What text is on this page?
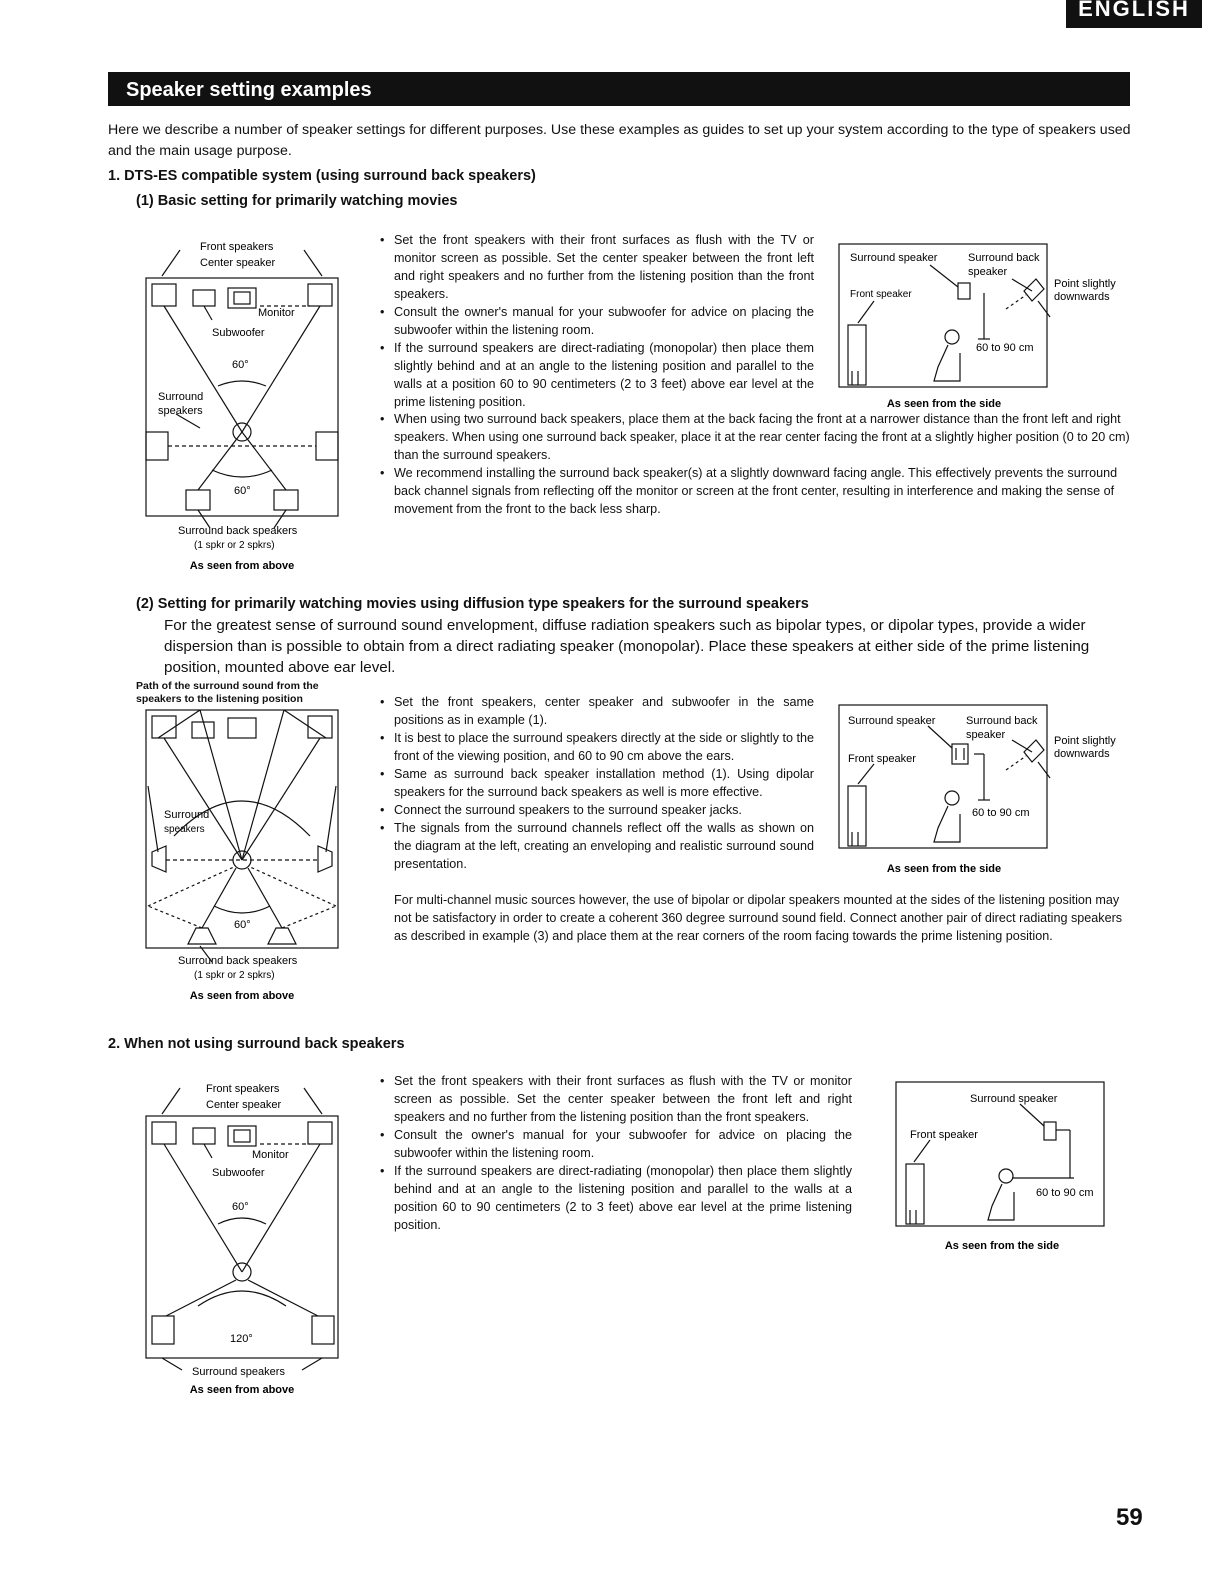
ENGLISH
Speaker setting examples
Here we describe a number of speaker settings for different purposes. Use these examples as guides to set up your system according to the type of speakers used and the main usage purpose.
1. DTS-ES compatible system (using surround back speakers)
(1) Basic setting for primarily watching movies
Front speakers
Center speaker
Monitor
Subwoofer
60°
Surround
speakers
60°
Surround back speakers
(1 spkr or 2 spkrs)
As seen from above
• Set the front speakers with their front surfaces as flush with the TV or monitor screen as possible. Set the center speaker between the front left and right speakers and no further from the listening position than the front speakers.
• Consult the owner's manual for your subwoofer for advice on placing the subwoofer within the listening room.
• If the surround speakers are direct-radiating (monopolar) then place them slightly behind and at an angle to the listening position and parallel to the walls at a position 60 to 90 centimeters (2 to 3 feet) above ear level at the prime listening position.
• When using two surround back speakers, place them at the back facing the front at a narrower distance than the front left and right speakers. When using one surround back speaker, place it at the rear center facing the front at a slightly higher position (0 to 20 cm) than the surround speakers.
• We recommend installing the surround back speaker(s) at a slightly downward facing angle. This effectively prevents the surround back channel signals from reflecting off the monitor or screen at the front center, resulting in interference and making the sense of movement from the front to the back less sharp.
Surround speaker	Surround back
speaker
Front speaker
Point slightly
downwards
60 to 90 cm
As seen from the side
(2) Setting for primarily watching movies using diffusion type speakers for the surround speakers
For the greatest sense of surround sound envelopment, diffuse radiation speakers such as bipolar types, or dipolar types, provide a wider dispersion than is possible to obtain from a direct radiating speaker (monopolar). Place these speakers at either side of the prime listening position, mounted above ear level.
Path of the surround sound from the
speakers to the listening position
Surround
speakers
60°
Surround back speakers
(1 spkr or 2 spkrs)
As seen from above
• Set the front speakers, center speaker and subwoofer in the same positions as in example (1).
• It is best to place the surround speakers directly at the side or slightly to the front of the viewing position, and 60 to 90 cm above the ears.
• Same as surround back speaker installation method (1). Using dipolar speakers for the surround back speakers as well is more effective.
• Connect the surround speakers to the surround speaker jacks.
• The signals from the surround channels reflect off the walls as shown on the diagram at the left, creating an enveloping and realistic surround sound presentation.
For multi-channel music sources however, the use of bipolar or dipolar speakers mounted at the sides of the listening position may not be satisfactory in order to create a coherent 360 degree surround sound field. Connect another pair of direct radiating speakers as described in example (3) and place them at the rear corners of the room facing towards the prime listening position.
Surround speaker	Surround back
speaker
Front speaker
Point slightly
downwards
60 to 90 cm
As seen from the side
2. When not using surround back speakers
Front speakers
Center speaker
Monitor
Subwoofer
60°
120°
Surround speakers
As seen from above
• Set the front speakers with their front surfaces as flush with the TV or monitor screen as possible. Set the center speaker between the front left and right speakers and no further from the listening position than the front speakers.
• Consult the owner's manual for your subwoofer for advice on placing the subwoofer within the listening room.
• If the surround speakers are direct-radiating (monopolar) then place them slightly behind and at an angle to the listening position and parallel to the walls at a position 60 to 90 centimeters (2 to 3 feet) above ear level at the prime listening position.
Surround speaker
Front speaker
60 to 90 cm
As seen from the side
59
